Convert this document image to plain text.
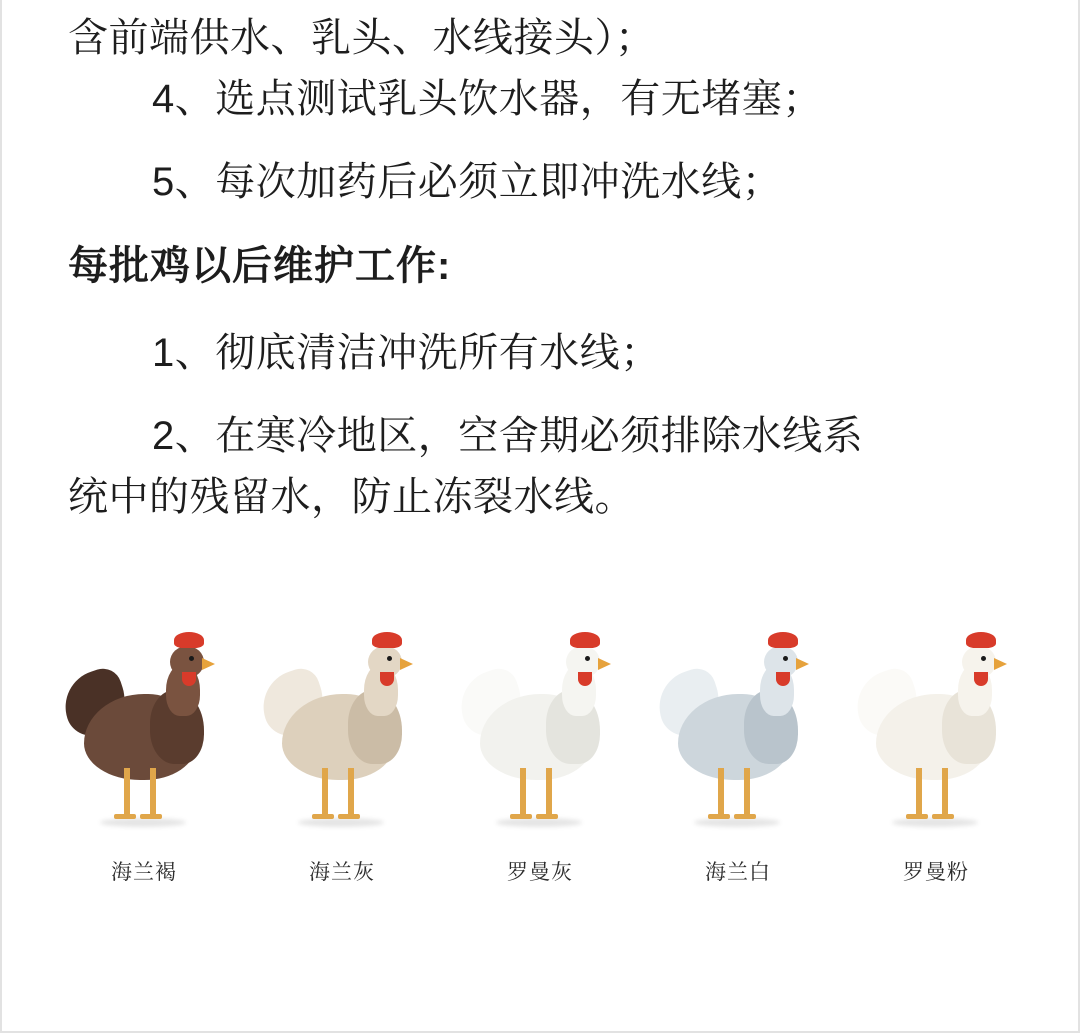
含前端供水、乳头、水线接头）；

4、选点测试乳头饮水器，有无堵塞；

5、每次加药后必须立即冲洗水线；

每批鸡以后维护工作:

1、彻底清洁冲洗所有水线；

2、在寒冷地区，空舍期必须排除水线系

统中的残留水，防止冻裂水线。

海兰褐	海兰灰	罗曼灰	海兰白	罗曼粉
